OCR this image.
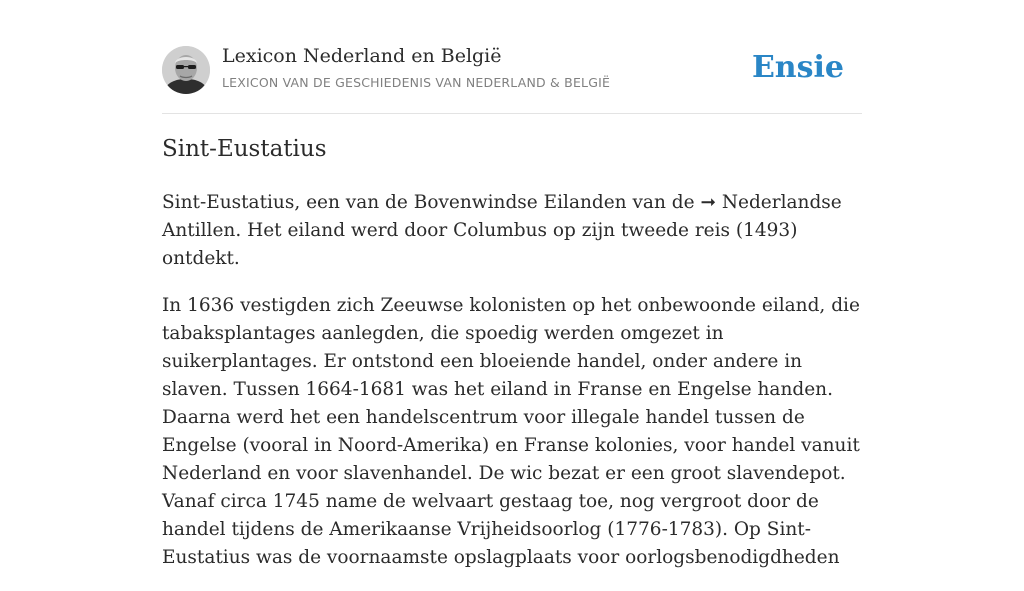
Lexicon Nederland en België
LEXICON VAN DE GESCHIEDENIS VAN NEDERLAND & BELGIË	Ensie
Sint-Eustatius

Sint-Eustatius, een van de Bovenwindse Eilanden van de ➞ Nederlandse Antillen. Het eiland werd door Columbus op zijn tweede reis (1493) ontdekt.

In 1636 vestigden zich Zeeuwse kolonisten op het onbewoonde eiland, die tabaksplantages aanlegden, die spoedig werden omgezet in suikerplantages. Er ontstond een bloeiende handel, onder andere in slaven. Tussen 1664-1681 was het eiland in Franse en Engelse handen. Daarna werd het een handelscentrum voor illegale handel tussen de Engelse (vooral in Noord-Amerika) en Franse kolonies, voor handel vanuit Nederland en voor slavenhandel. De wic bezat er een groot slavendepot. Vanaf circa 1745 name de welvaart gestaag toe, nog vergroot door de handel tijdens de Amerikaanse Vrijheidsoorlog (1776-1783). Op Sint-Eustatius was de voornaamste opslagplaats voor oorlogsbenodigdheden
